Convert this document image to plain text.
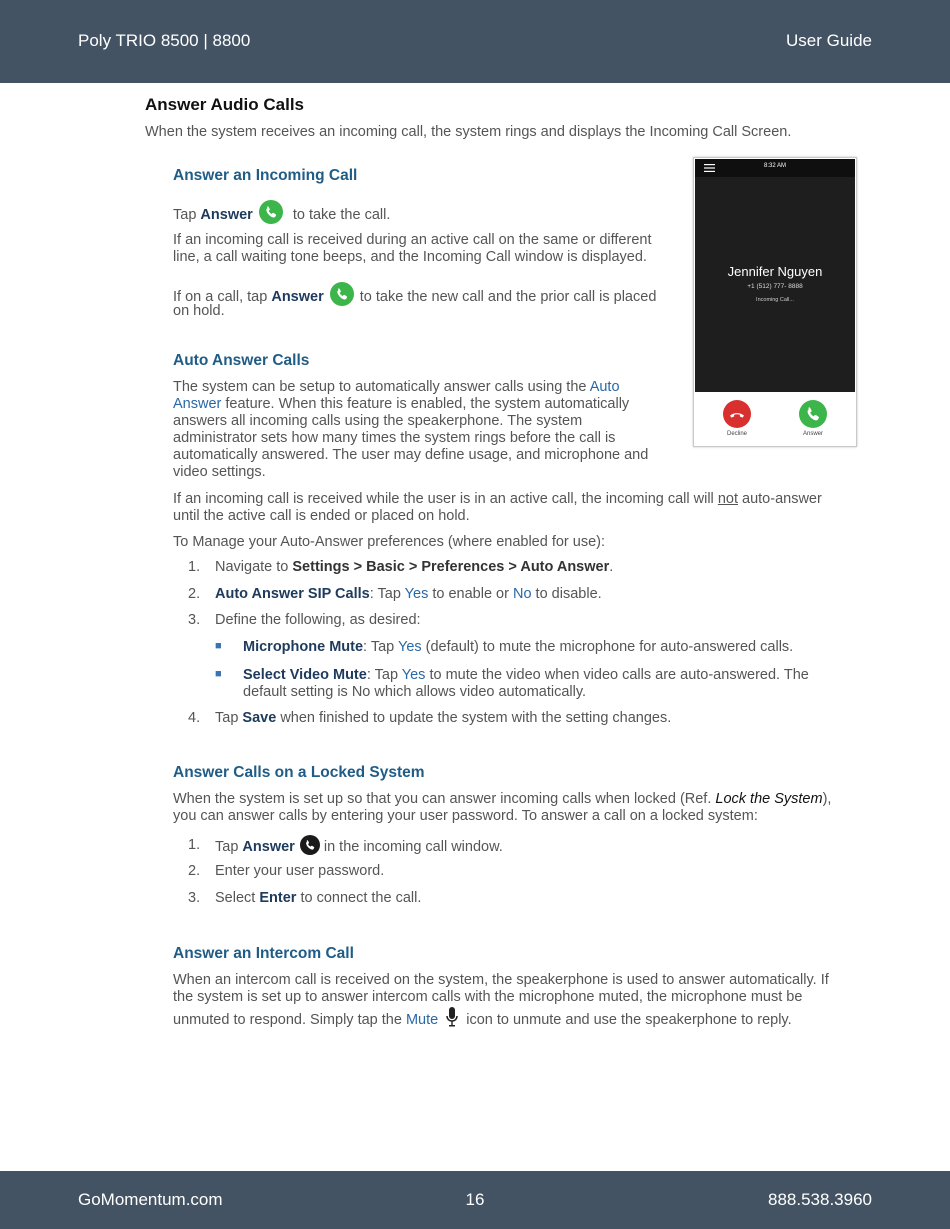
Poly TRIO 8500 | 8800	User Guide
Answer Audio Calls
When the system receives an incoming call, the system rings and displays the Incoming Call Screen.
Answer an Incoming Call
Tap Answer	to take the call.
If an incoming call is received during an active call on the same or different
line, a call waiting tone beeps, and the Incoming Call window is displayed.
If on a call, tap Answer to take the new call and the prior call is placed
on hold.
8:32 AM
Jennifer Nguyen
+1 (512) 777- 8888
Incoming Call...
Decline	Answer
Auto Answer Calls
The system can be setup to automatically answer calls using the Auto
Answer feature. When this feature is enabled, the system automatically
answers all incoming calls using the speakerphone. The system
administrator sets how many times the system rings before the call is
automatically answered. The user may define usage, and microphone and
video settings.
If an incoming call is received while the user is in an active call, the incoming call will not auto-answer
until the active call is ended or placed on hold.
To Manage your Auto-Answer preferences (where enabled for use):
1. Navigate to Settings > Basic > Preferences > Auto Answer.
2. Auto Answer SIP Calls: Tap Yes to enable or No to disable.
3. Define the following, as desired:
■ Microphone Mute: Tap Yes (default) to mute the microphone for auto-answered calls.
■ Select Video Mute: Tap Yes to mute the video when video calls are auto-answered. The
default setting is No which allows video automatically.
4. Tap Save when finished to update the system with the setting changes.
Answer Calls on a Locked System
When the system is set up so that you can answer incoming calls when locked (Ref. Lock the System),
you can answer calls by entering your user password. To answer a call on a locked system:
1. Tap Answer
in the incoming call window.
2. Enter your user password.
3. Select Enter to connect the call.
Answer an Intercom Call
When an intercom call is received on the system, the speakerphone is used to answer automatically. If
the system is set up to answer intercom calls with the microphone muted, the microphone must be
unmuted to respond. Simply tap the Mute icon to unmute and use the speakerphone to reply.
GoMomentum.com	16	888.538.3960
